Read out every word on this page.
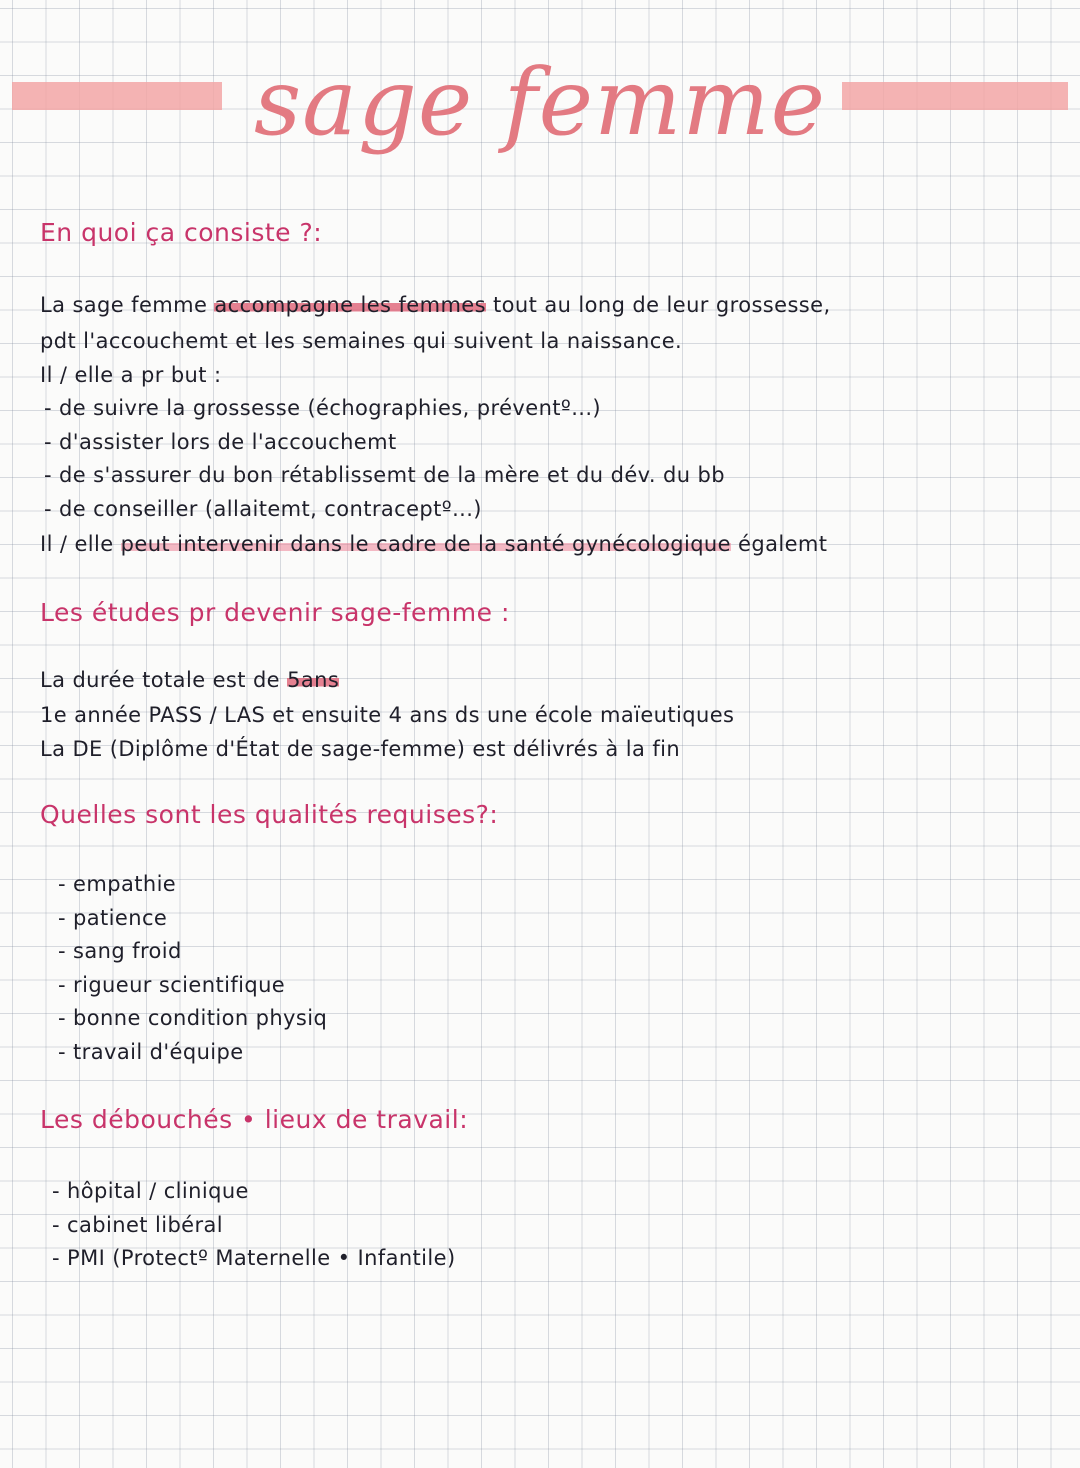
sage femme
En quoi ça consiste ?:

La sage femme accompagne les femmes tout au long de leur grossesse,

pdt l'accouchemt et les semaines qui suivent la naissance.

Il / elle a pr but :

- de suivre la grossesse (échographies, préventº...)
- d'assister lors de l'accouchemt
- de s'assurer du bon rétablissemt de la mère et du dév. du bb
- de conseiller (allaitemt, contraceptº...)

Il / elle peut intervenir dans le cadre de la santé gynécologique égalemt

Les études pr devenir sage-femme :

La durée totale est de 5ans

1e année PASS / LAS et ensuite 4 ans ds une école maïeutiques

La DE (Diplôme d'État de sage-femme) est délivrés à la fin

Quelles sont les qualités requises?:
- empathie
- patience
- sang froid
- rigueur scientifique
- bonne condition physiq
- travail d'équipe
Les débouchés • lieux de travail:
- hôpital / clinique
- cabinet libéral
- PMI (Protectº Maternelle • Infantile)
